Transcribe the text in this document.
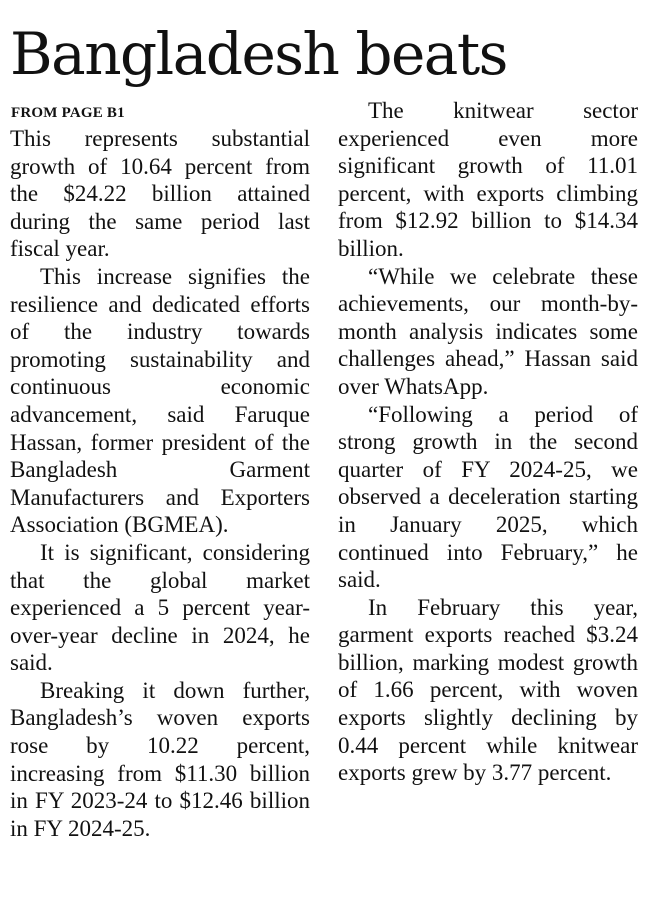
Bangladesh beats
FROM PAGE B1

This represents substantial growth of 10.64 percent from the $24.22 billion attained during the same period last fiscal year.

This increase signifies the resilience and dedicated efforts of the industry towards promoting sustainability and continuous economic advancement, said Faruque Hassan, former president of the Bangladesh Garment Manufacturers and Exporters Association (BGMEA).

It is significant, considering that the global market experienced a 5 percent year-over-year decline in 2024, he said.

Breaking it down further, Bangladesh’s woven exports rose by 10.22 percent, increasing from $11.30 billion in FY 2023-24 to $12.46 billion in FY 2024-25.

The knitwear sector experienced even more significant growth of 11.01 percent, with exports climbing from $12.92 billion to $14.34 billion.

“While we celebrate these achievements, our month-by-month analysis indicates some challenges ahead,” Hassan said over WhatsApp.

“Following a period of strong growth in the second quarter of FY 2024-25, we observed a deceleration starting in January 2025, which continued into February,” he said.

In February this year, garment exports reached $3.24 billion, marking modest growth of 1.66 percent, with woven exports slightly declining by 0.44 percent while knitwear exports grew by 3.77 percent.
